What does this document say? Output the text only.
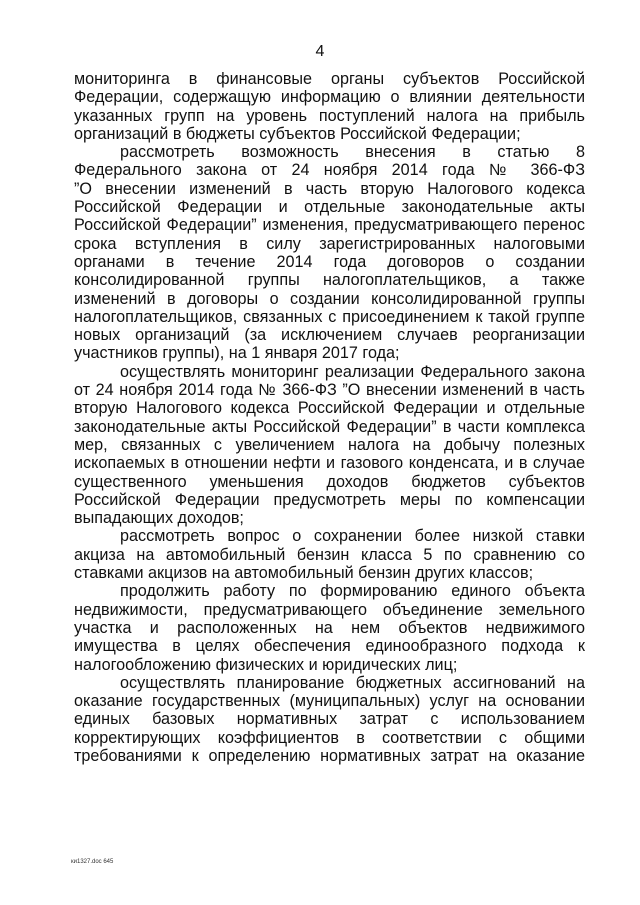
4
мониторинга в финансовые органы субъектов Российской
Федерации, содержащую информацию о влиянии деятельности
указанных групп на уровень поступлений налога на прибыль
организаций в бюджеты субъектов Российской Федерации;
рассмотреть возможность внесения в статью 8
Федерального закона от 24 ноября 2014 года № 366-ФЗ
”О внесении изменений в часть вторую Налогового кодекса
Российской Федерации и отдельные законодательные акты
Российской Федерации” изменения, предусматривающего перенос
срока вступления в силу зарегистрированных налоговыми
органами в течение 2014 года договоров о создании
консолидированной группы налогоплательщиков, а также
изменений в договоры о создании консолидированной группы
налогоплательщиков, связанных с присоединением к такой группе
новых организаций (за исключением случаев реорганизации
участников группы), на 1 января 2017 года;
осуществлять мониторинг реализации Федерального закона
от 24 ноября 2014 года № 366-ФЗ ”О внесении изменений в часть
вторую Налогового кодекса Российской Федерации и отдельные
законодательные акты Российской Федерации” в части комплекса
мер, связанных с увеличением налога на добычу полезных
ископаемых в отношении нефти и газового конденсата, и в случае
существенного уменьшения доходов бюджетов субъектов
Российской Федерации предусмотреть меры по компенсации
выпадающих доходов;
рассмотреть вопрос о сохранении более низкой ставки
акциза на автомобильный бензин класса 5 по сравнению со
ставками акцизов на автомобильный бензин других классов;
продолжить работу по формированию единого объекта
недвижимости, предусматривающего объединение земельного
участка и расположенных на нем объектов недвижимого
имущества в целях обеспечения единообразного подхода к
налогообложению физических и юридических лиц;
осуществлять планирование бюджетных ассигнований на
оказание государственных (муниципальных) услуг на основании
единых базовых нормативных затрат с использованием
корректирующих коэффициентов в соответствии с общими
требованиями к определению нормативных затрат на оказание
ки1327.doc 645
